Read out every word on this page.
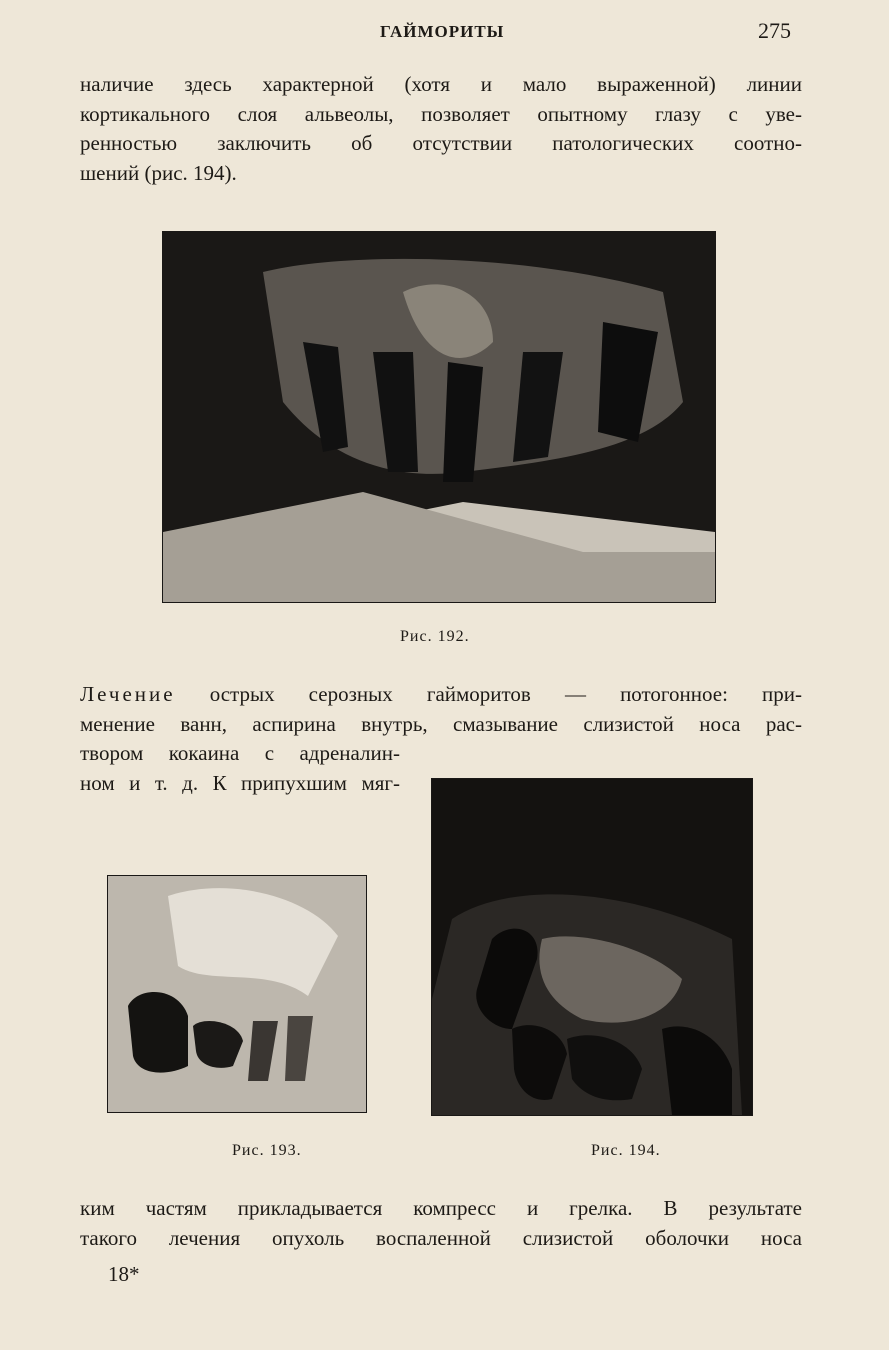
ГАЙМОРИТЫ	275

наличие здесь характерной (хотя и мало выраженной) линии

кортикального слоя альвеолы, позволяет опытному глазу с уве-

ренностью заключить об отсутствии патологических соотно-

шений (рис. 194).

Рис. 192.

Лечение острых серозных гайморитов — потогонное: при-

менение ванн, аспирина внутрь, смазывание слизистой носа рас-

твором кокаина с адреналин-

ном и т. д. К припухшим мяг-

Рис. 193.	Рис. 194.

ким частям прикладывается компресс и грелка. В результате

такого лечения опухоль воспаленной слизистой оболочки носа

18*
